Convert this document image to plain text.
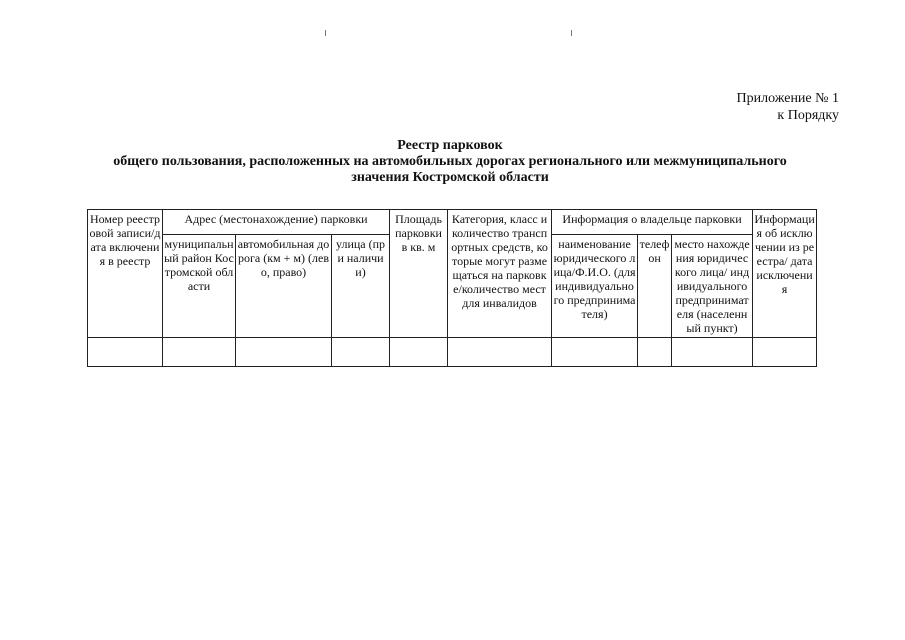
Приложение № 1
к Порядку
Реестр парковок
общего пользования, расположенных на автомобильных дорогах регионального или межмуниципального
значения Костромской области
Номер реестровой записи/дата включения в реестр	Адрес (местонахождение) парковки			Площадь парковки в кв. м	Категория, класс и количество транспортных средств, которые могут размещаться на парковке/количество мест для инвалидов	Информация о владельце парковки			Информация об исключении из реестра/ дата исключения
	муниципальный район Костромской области	автомобильная дорога (км + м) (лево, право)	улица (при наличии)			наименование юридического лица/Ф.И.О. (для индивидуального предпринимателя)	телефон	место нахождения юридического лица/ индивидуального предпринимателя (населенный пункт)	
